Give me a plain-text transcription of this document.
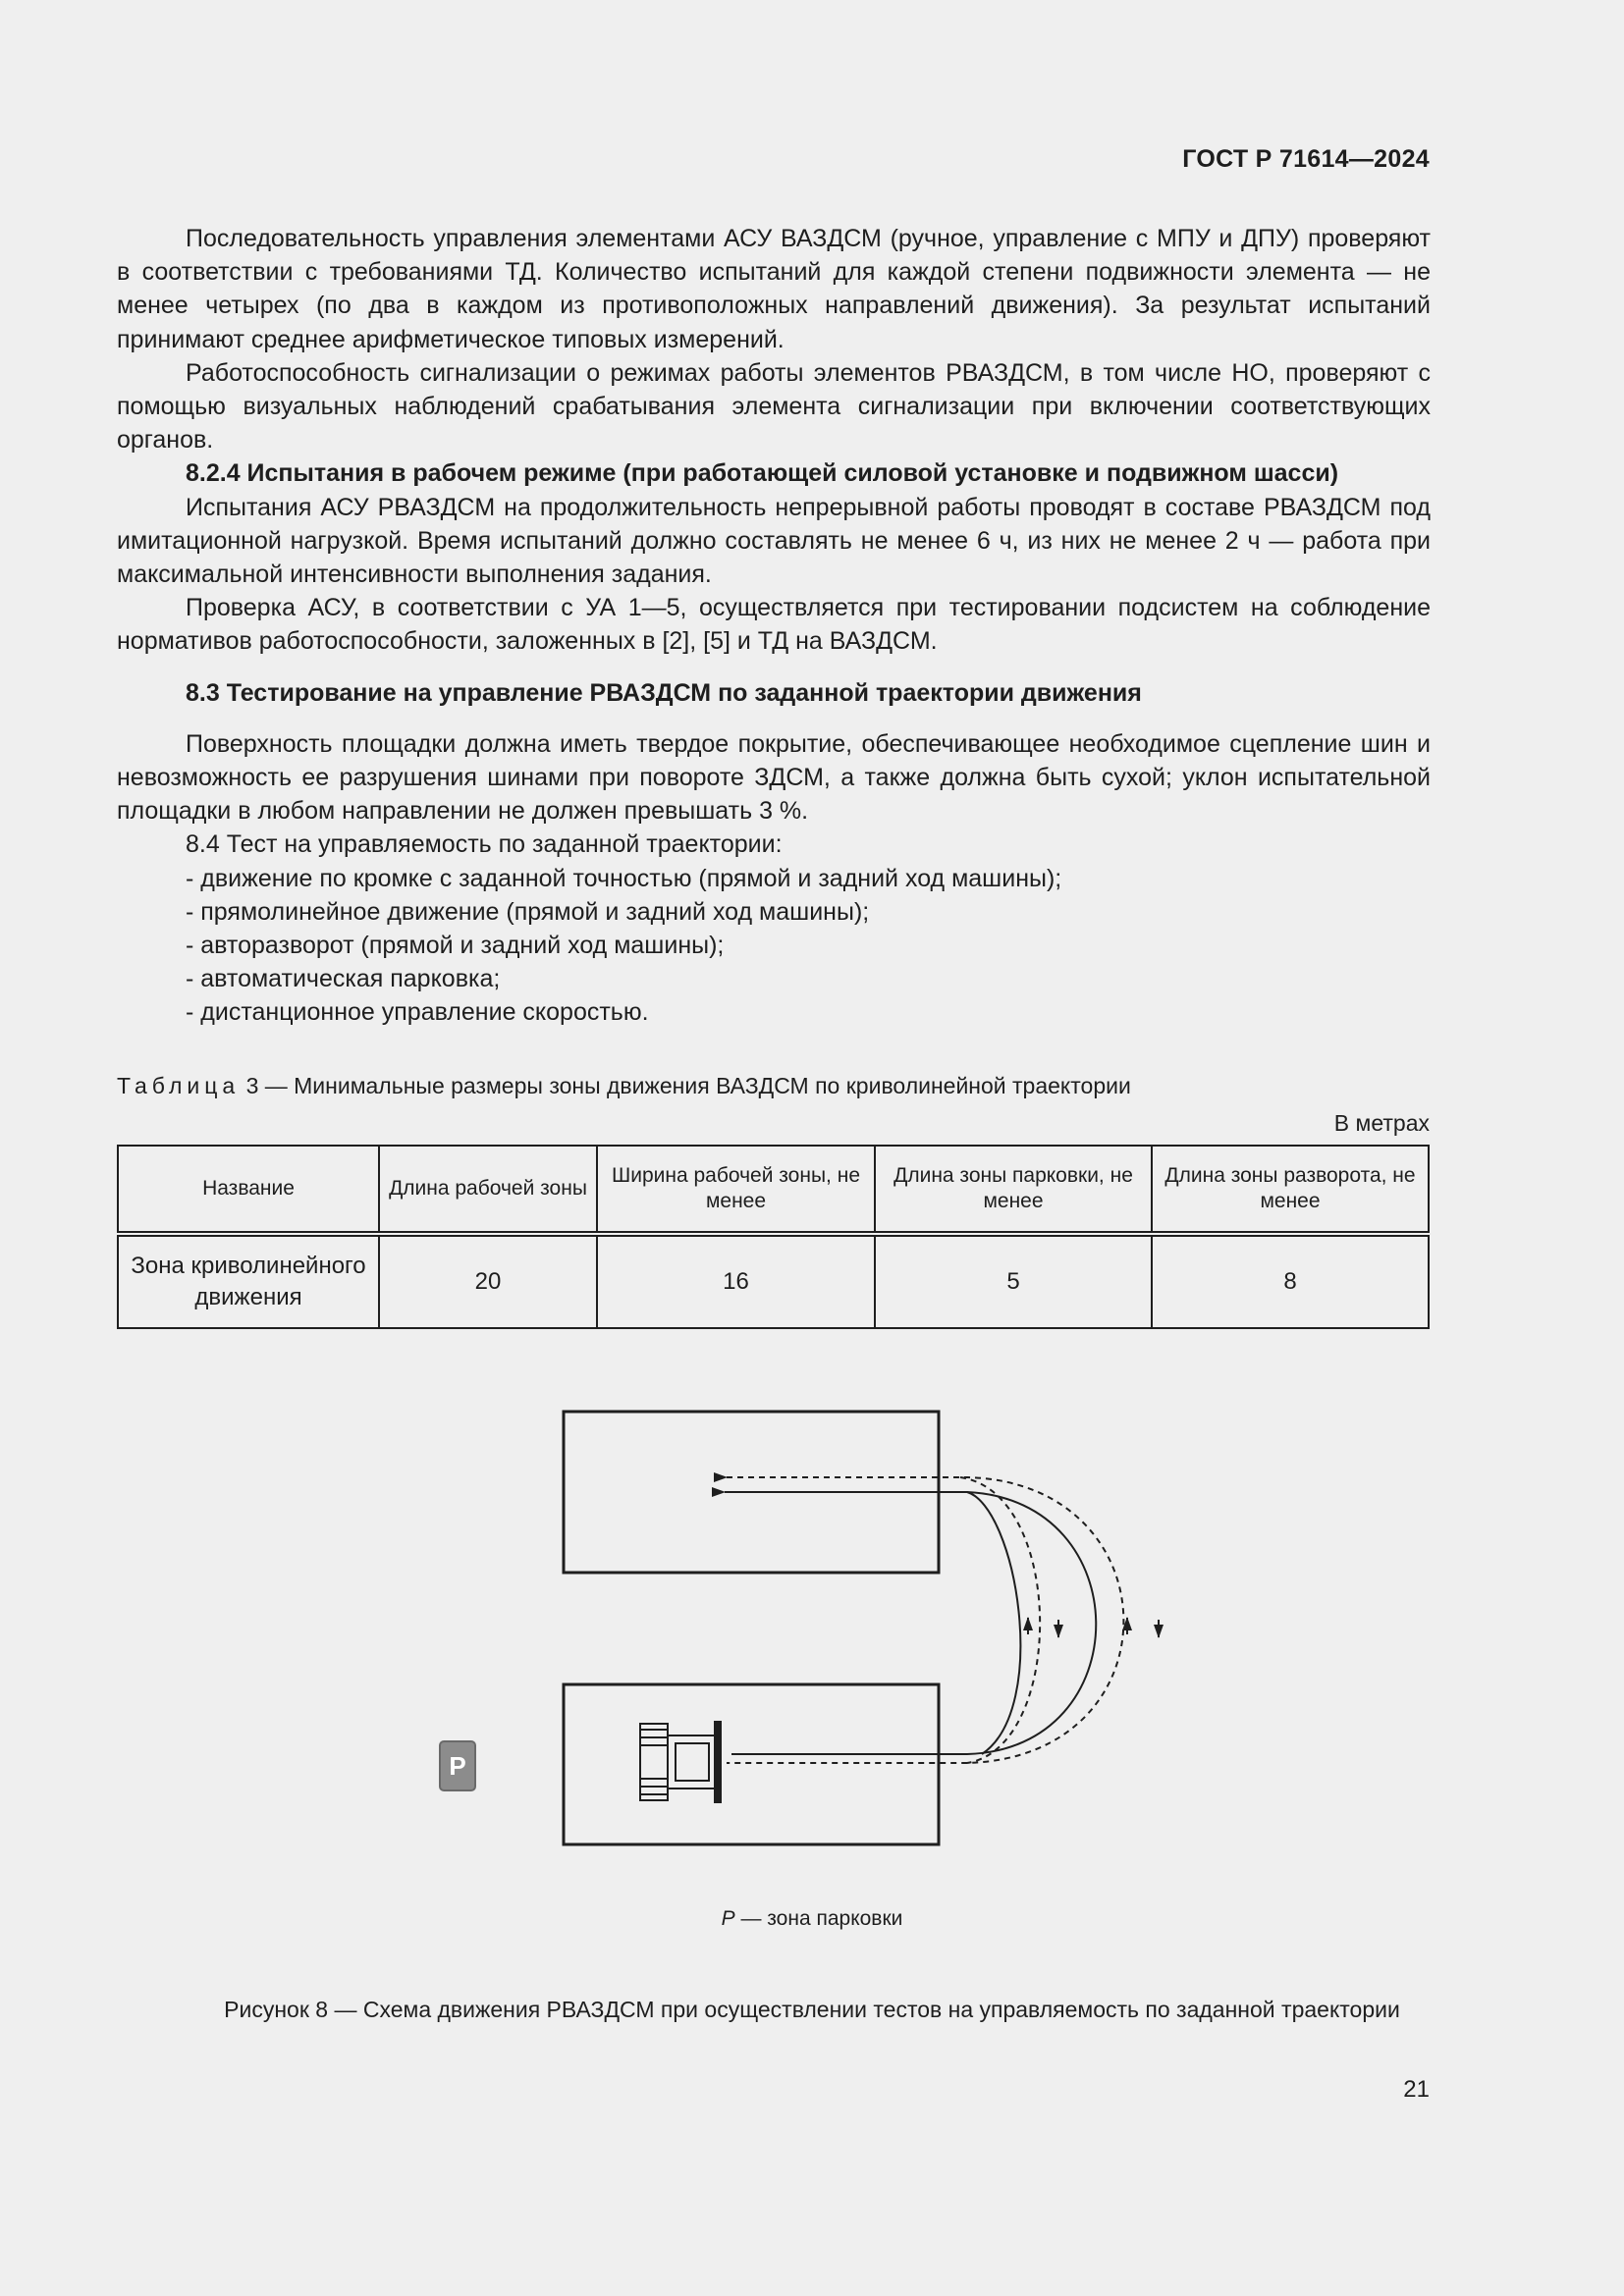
ГОСТ Р 71614—2024

Последовательность управления элементами АСУ ВАЗДСМ (ручное, управление с МПУ и ДПУ) проверяют в соответствии с требованиями ТД. Количество испытаний для каждой степени подвижности элемента — не менее четырех (по два в каждом из противоположных направлений движения). За результат испытаний принимают среднее арифметическое типовых измерений.

Работоспособность сигнализации о режимах работы элементов РВАЗДСМ, в том числе НО, проверяют с помощью визуальных наблюдений срабатывания элемента сигнализации при включении соответствующих органов.

8.2.4 Испытания в рабочем режиме (при работающей силовой установке и подвижном шасси)

Испытания АСУ РВАЗДСМ на продолжительность непрерывной работы проводят в составе РВАЗДСМ под имитационной нагрузкой. Время испытаний должно составлять не менее 6 ч, из них не менее 2 ч — работа при максимальной интенсивности выполнения задания.

Проверка АСУ, в соответствии с УА 1—5, осуществляется при тестировании подсистем на соблюдение нормативов работоспособности, заложенных в [2], [5] и ТД на ВАЗДСМ.

8.3 Тестирование на управление РВАЗДСМ по заданной траектории движения

Поверхность площадки должна иметь твердое покрытие, обеспечивающее необходимое сцепление шин и невозможность ее разрушения шинами при повороте ЗДСМ, а также должна быть сухой; уклон испытательной площадки в любом направлении не должен превышать 3 %.

8.4 Тест на управляемость по заданной траектории:

- движение по кромке с заданной точностью (прямой и задний ход машины);
- прямолинейное движение (прямой и задний ход машины);
- авторазворот (прямой и задний ход машины);
- автоматическая парковка;
- дистанционное управление скоростью.
Таблица 3 — Минимальные размеры зоны движения ВАЗДСМ по криволинейной траектории
В метрах
Название	Длина рабочей зоны	Ширина рабочей зоны, не менее	Длина зоны парковки, не менее	Длина зоны разворота, не менее
Зона криволинейного движения	20	16	5	8
P
P — зона парковки
Рисунок 8 — Схема движения РВАЗДСМ при осуществлении тестов на управляемость по заданной траектории
21
